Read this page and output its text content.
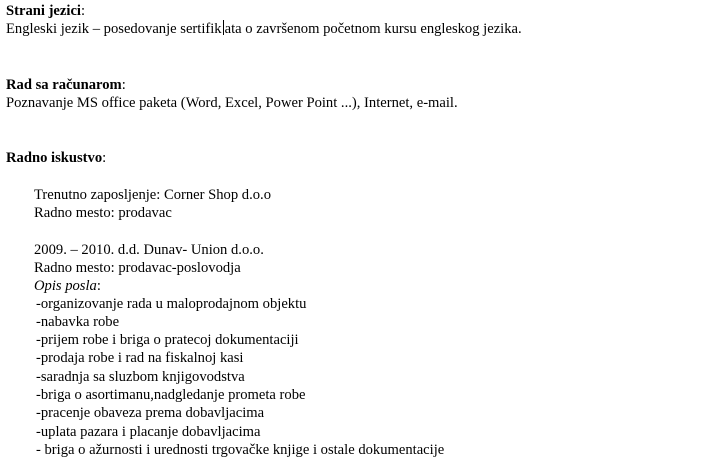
Strani jezici:
Engleski jezik – posedovanje sertifik ata o završenom početnom kursu engleskog jezika.
Rad sa računarom:
Poznavanje MS office paketa (Word, Excel, Power Point ...), Internet, e-mail.
Radno iskustvo:
Trenutno zaposljenje: Corner Shop d.o.o
Radno mesto: prodavac
2009. – 2010. d.d. Dunav- Union d.o.o.
Radno mesto: prodavac-poslovodja
Opis posla:
-organizovanje rada u maloprodajnom objektu
-nabavka robe
-prijem robe i briga o pratecoj dokumentaciji
-prodaja robe i rad na fiskalnoj kasi
-saradnja sa sluzbom knjigovodstva
-briga o asortimanu,nadgledanje prometa robe
-pracenje obaveza prema dobavljacima
-uplata pazara i placanje dobavljacima
- briga o ažurnosti i urednosti trgovačke knjige i ostale dokumentacije
